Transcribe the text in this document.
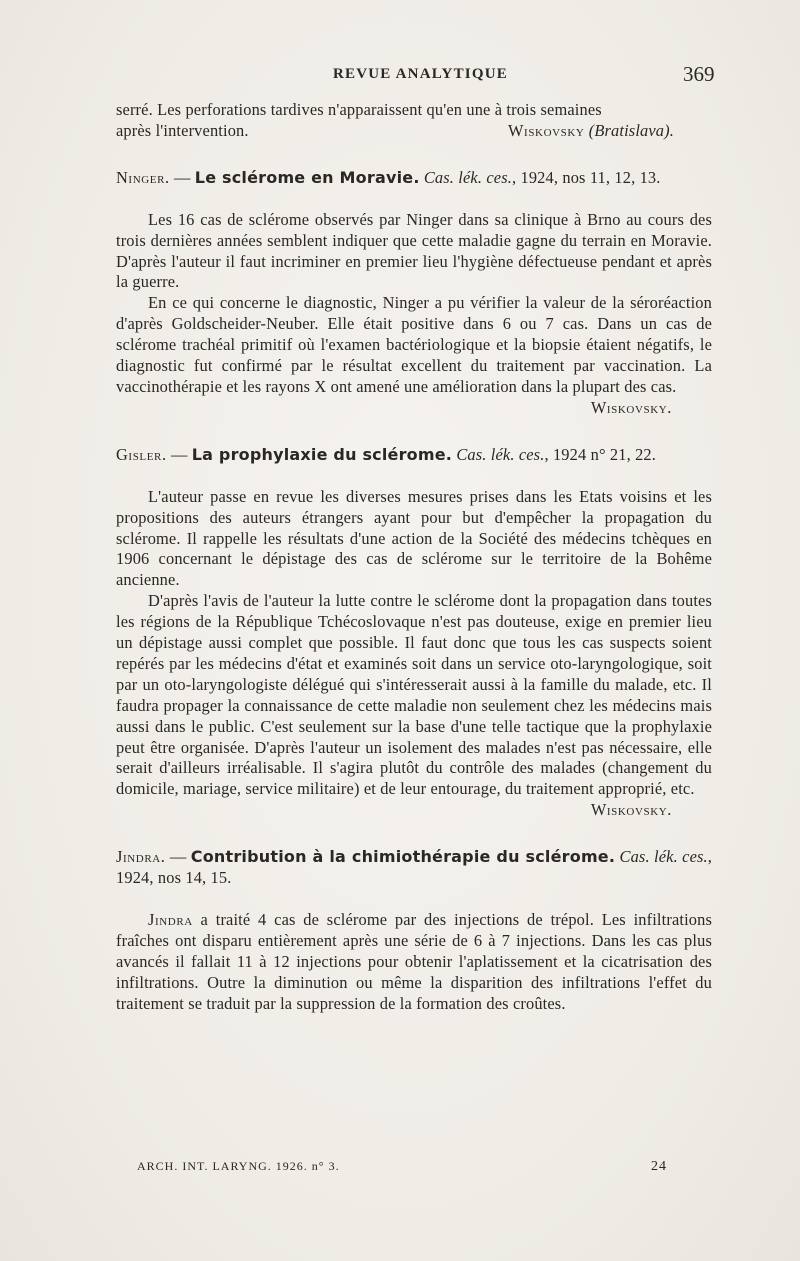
REVUE ANALYTIQUE	369

serré. Les perforations tardives n'apparaissent qu'en une à trois semaines

après l'intervention.	Wiskovsky (Bratislava).

Ninger. — Le sclérome en Moravie. Cas. lék. ces., 1924, nos 11, 12, 13.

Les 16 cas de sclérome observés par Ninger dans sa clinique à Brno au cours des trois dernières années semblent indiquer que cette maladie gagne du terrain en Moravie. D'après l'auteur il faut incriminer en premier lieu l'hygiène défectueuse pendant et après la guerre.

En ce qui concerne le diagnostic, Ninger a pu vérifier la valeur de la séroréaction d'après Goldscheider-Neuber. Elle était positive dans 6 ou 7 cas. Dans un cas de sclérome trachéal primitif où l'examen bactériologique et la biopsie étaient négatifs, le diagnostic fut confirmé par le résultat excellent du traitement par vaccination. La vaccinothérapie et les rayons X ont amené une amélioration dans la plupart des cas.

Wiskovsky.

Gisler. — La prophylaxie du sclérome. Cas. lék. ces., 1924 n° 21, 22.

L'auteur passe en revue les diverses mesures prises dans les Etats voisins et les propositions des auteurs étrangers ayant pour but d'empêcher la propagation du sclérome. Il rappelle les résultats d'une action de la Société des médecins tchèques en 1906 concernant le dépistage des cas de sclérome sur le territoire de la Bohême ancienne.

D'après l'avis de l'auteur la lutte contre le sclérome dont la propagation dans toutes les régions de la République Tchécoslovaque n'est pas douteuse, exige en premier lieu un dépistage aussi complet que possible. Il faut donc que tous les cas suspects soient repérés par les médecins d'état et examinés soit dans un service oto-laryngologique, soit par un oto-laryngologiste délégué qui s'intéresserait aussi à la famille du malade, etc. Il faudra propager la connaissance de cette maladie non seulement chez les médecins mais aussi dans le public. C'est seulement sur la base d'une telle tactique que la prophylaxie peut être organisée. D'après l'auteur un isolement des malades n'est pas nécessaire, elle serait d'ailleurs irréalisable. Il s'agira plutôt du contrôle des malades (changement du domicile, mariage, service militaire) et de leur entourage, du traitement approprié, etc.

Wiskovsky.

Jindra. — Contribution à la chimiothérapie du sclérome. Cas. lék. ces., 1924, nos 14, 15.

Jindra a traité 4 cas de sclérome par des injections de trépol. Les infiltrations fraîches ont disparu entièrement après une série de 6 à 7 injections. Dans les cas plus avancés il fallait 11 à 12 injections pour obtenir l'aplatissement et la cicatrisation des infiltrations. Outre la diminution ou même la disparition des infiltrations l'effet du traitement se traduit par la suppression de la formation des croûtes.

ARCH. INT. LARYNG. 1926. n° 3.	24
